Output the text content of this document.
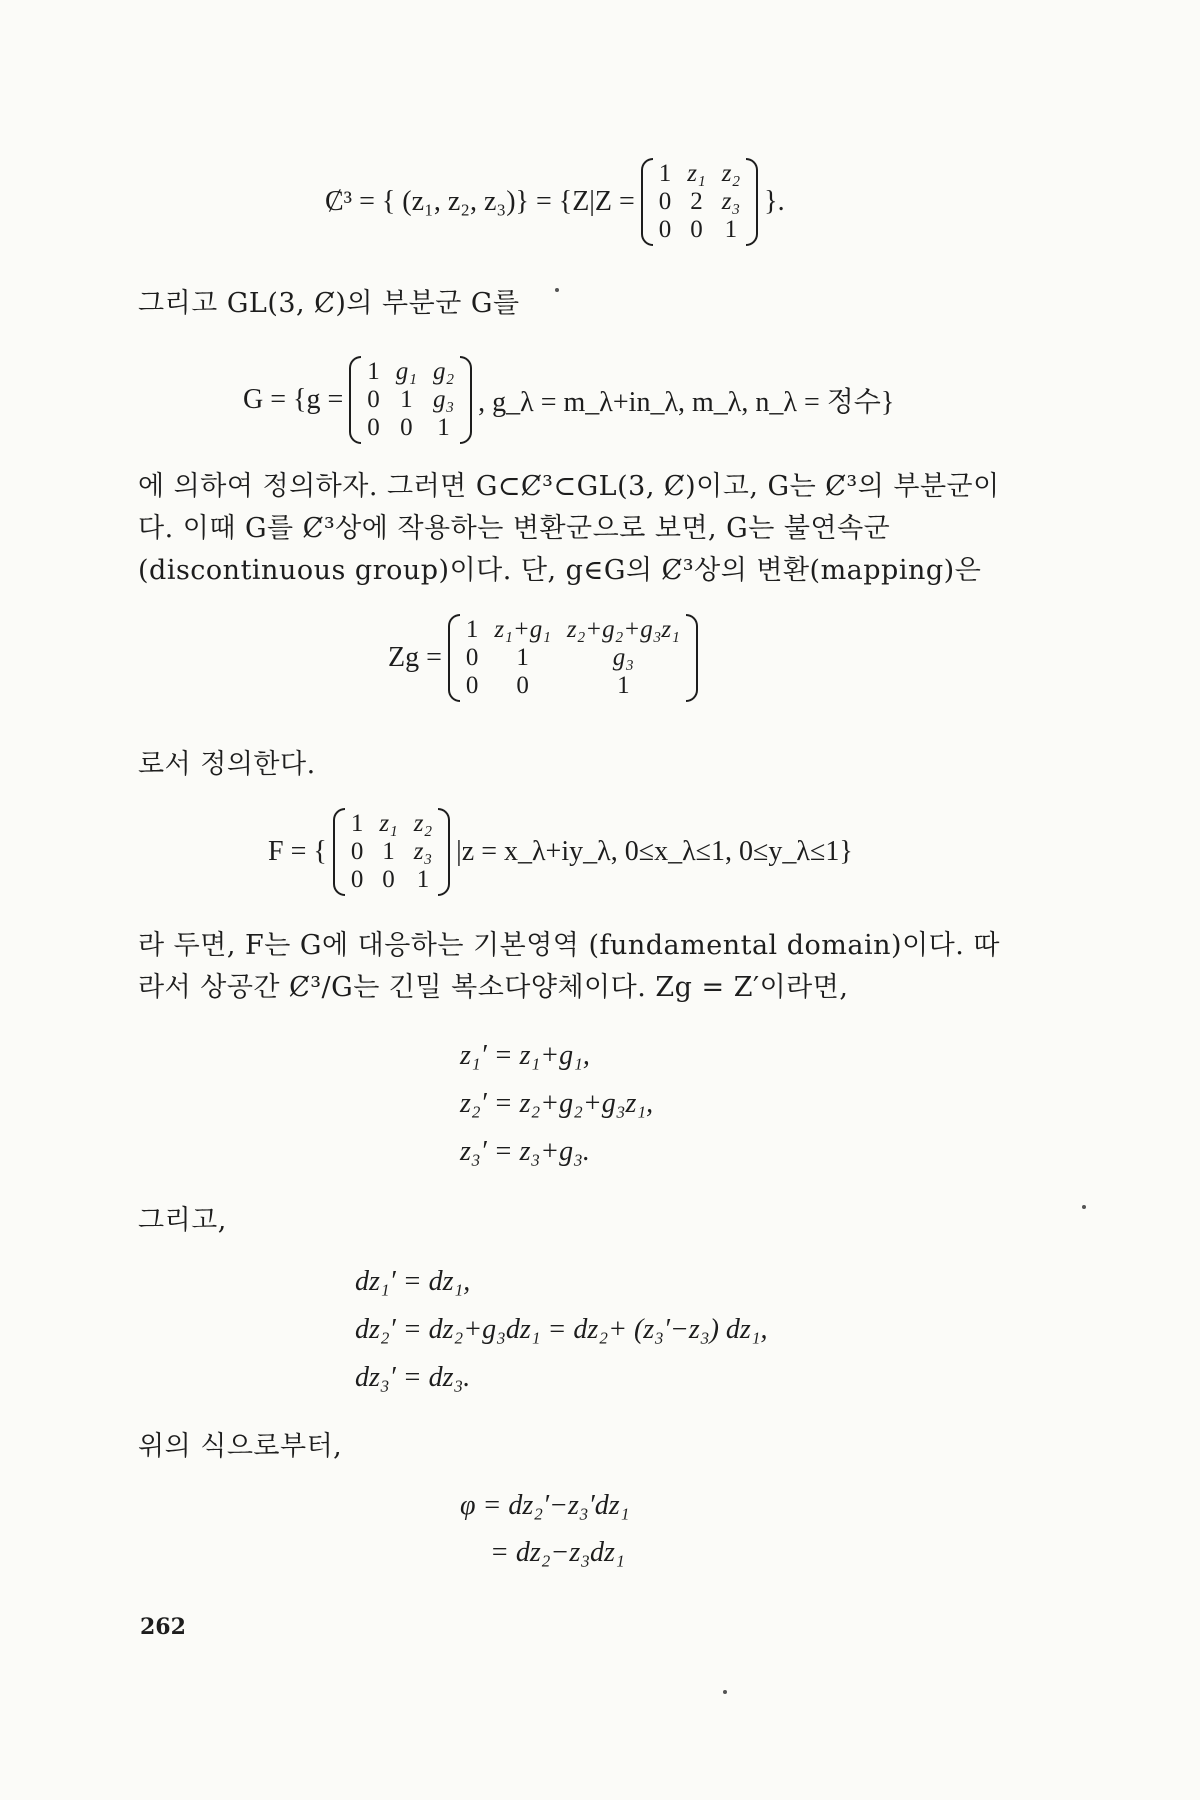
Ȼ³ = { (z₁, z₂, z₃)} = {Z|Z =
1 z₁ z₂
0 2 z₃
0 0 1
}.
그리고 GL(3, Ȼ)의 부분군 G를
G = {g =
1 g₁ g₂
0 1 g₃
0 0 1
, g_λ = m_λ+in_λ, m_λ, n_λ = 정수}
에 의하여 정의하자. 그러면 G⊂Ȼ³⊂GL(3, Ȼ)이고, G는 Ȼ³의 부분군이다. 이때 G를 Ȼ³상에 작용하는 변환군으로 보면, G는 불연속군 (discontinuous group)이다. 단, g∈G의 Ȼ³상의 변환(mapping)은
Zg =
1 z₁+g₁ z₂+g₂+g₃z₁
0	1	g₃
0	0	1
로서 정의한다.
F = {
1 z₁ z₂
0 1 z₃
0 0 1
|z = x_λ+iy_λ, 0≤x_λ≤1, 0≤y_λ≤1}
라 두면, F는 G에 대응하는 기본영역 (fundamental domain)이다. 따라서 상공간 Ȼ³/G는 긴밀 복소다양체이다. Zg = Z′이라면,
z₁′ = z₁+g₁,
z₂′ = z₂+g₂+g₃z₁,
z₃′ = z₃+g₃.
그리고,
dz₁′ = dz₁,
dz₂′ = dz₂+g₃dz₁ = dz₂+ (z₃′−z₃) dz₁,
dz₃′ = dz₃.
위의 식으로부터,
φ = dz₂′−z₃′dz₁
= dz₂−z₃dz₁
262
